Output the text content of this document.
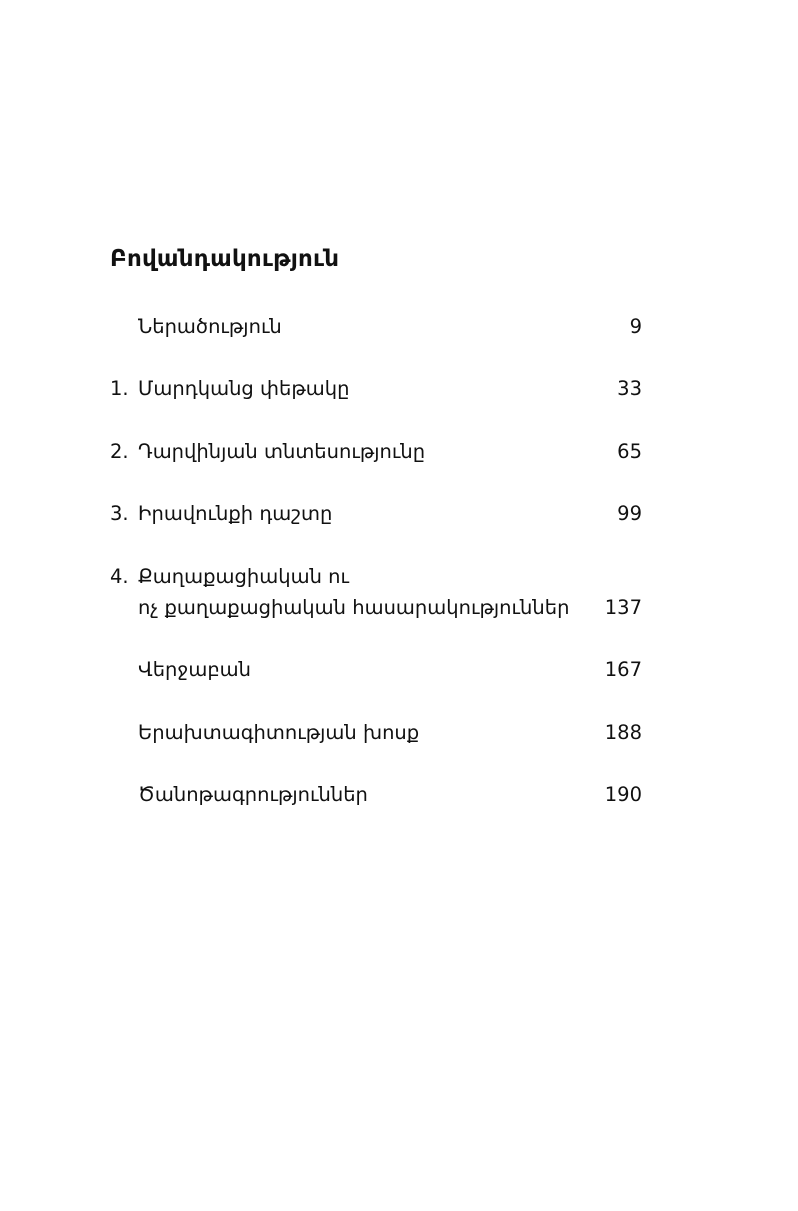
Բովանդակություն
Ներածություն	9
1. Մարդկանց փեթակը	33
2. Դարվինյան տնտեսությունը	65
3. Իրավունքի դաշտը	99
4. Քաղաքացիական ու
ոչ քաղաքացիական հասարակություններ 137
Վերջաբան	167
Երախտագիտության խոսք	188
Ծանոթագրություններ	190
